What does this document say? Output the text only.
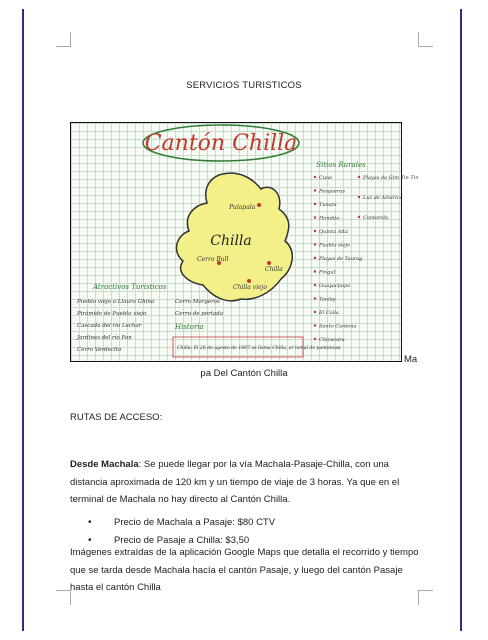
SERVICIOS TURISTICOS
Cantón Chilla
Chilla
Pulapala
Chilla
Cerro Bull
Chilla viejo
Atractivos Turisticos
Pueblo viejo o Llaura Ghina
Pirámide de Pueblo viejo
Cascada del río Lechar
Jardines del río Pan
Cerro Verdecito
Cerro Morgeros
Cerro de portada
Historia
Chilla: El 26 de agosto de 1897 se llama Chilla, el ramal de pantanosa
Sitios Rurales
Cune
Pesqueras
Tunani
Hondito
Quinta Alta
Pueblo viejo
Playas de Taurag
Pingul
Guayacpapa
Taulay
El Colla
Santo Cantena
Chicacara
Playas de Gim Tin Tin
Luz de América
Cantarola
Ma
pa Del Cantón Chilla
RUTAS DE ACCESO:
Desde Machala: Se puede llegar por la vía Machala-Pasaje-Chilla, con una distancia aproximada de 120 km y un tiempo de viaje de 3 horas. Ya que en el terminal de Machala no hay directo al Cantón Chilla.
• Precio de Machala a Pasaje: $80 CTV
• Precio de Pasaje a Chilla: $3,50
Imágenes extraídas de la aplicación Google Maps que detalla el recorrido y tiempo que se tarda desde Machala hacía el cantón Pasaje, y luego del cantón Pasaje hasta el cantón Chilla
